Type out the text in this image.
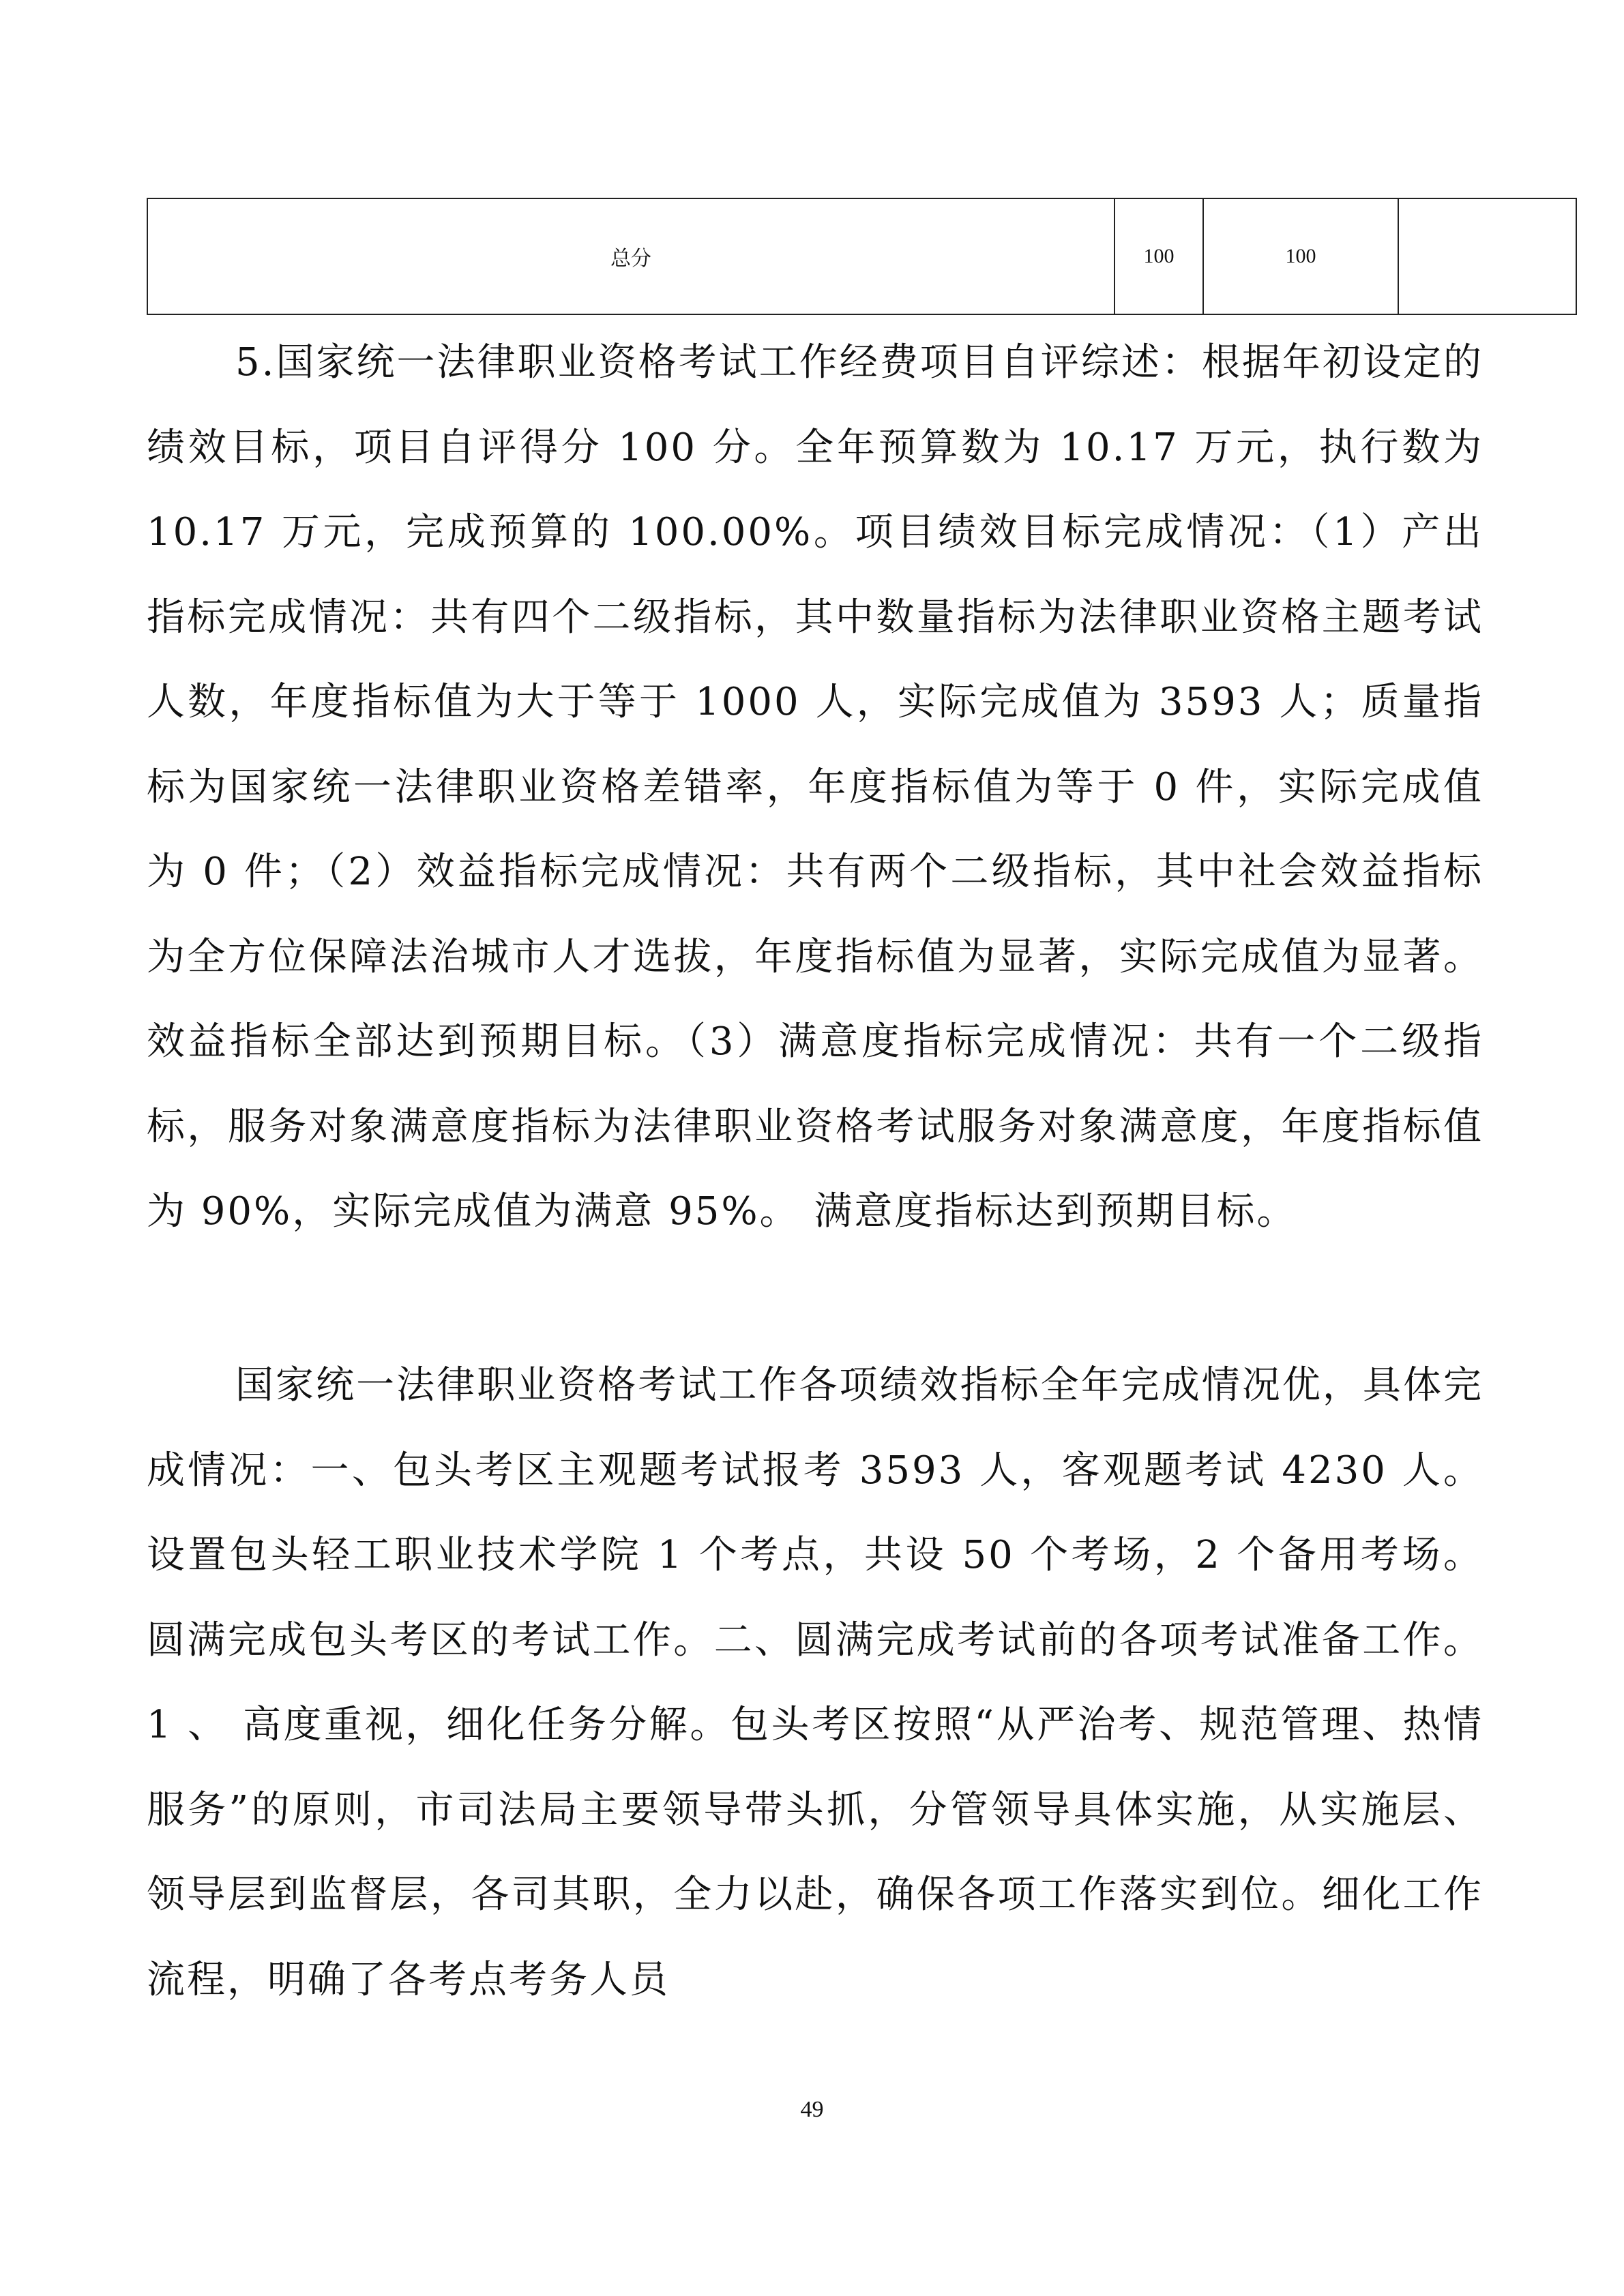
总分	100	100	

5.国家统一法律职业资格考试工作经费项目自评综述：根据年初设定的绩效目标，项目自评得分 100 分。全年预算数为 10.17 万元，执行数为 10.17 万元，完成预算的 100.00%。项目绩效目标完成情况：（1）产出指标完成情况：共有四个二级指标，其中数量指标为法律职业资格主题考试人数，年度指标值为大于等于 1000 人，实际完成值为 3593 人；质量指标为国家统一法律职业资格差错率，年度指标值为等于 0 件，实际完成值为 0 件；（2）效益指标完成情况：共有两个二级指标，其中社会效益指标为全方位保障法治城市人才选拔，年度指标值为显著，实际完成值为显著。效益指标全部达到预期目标。（3）满意度指标完成情况：共有一个二级指标，服务对象满意度指标为法律职业资格考试服务对象满意度，年度指标值为 90%，实际完成值为满意 95%。 满意度指标达到预期目标。

国家统一法律职业资格考试工作各项绩效指标全年完成情况优，具体完成情况：一、包头考区主观题考试报考 3593 人，客观题考试 4230 人。设置包头轻工职业技术学院 1 个考点，共设 50 个考场，2 个备用考场。圆满完成包头考区的考试工作。二、圆满完成考试前的各项考试准备工作。1 、 高度重视，细化任务分解。包头考区按照“从严治考、规范管理、热情服务”的原则，市司法局主要领导带头抓，分管领导具体实施，从实施层、领导层到监督层，各司其职，全力以赴，确保各项工作落实到位。细化工作流程，明确了各考点考务人员

49
